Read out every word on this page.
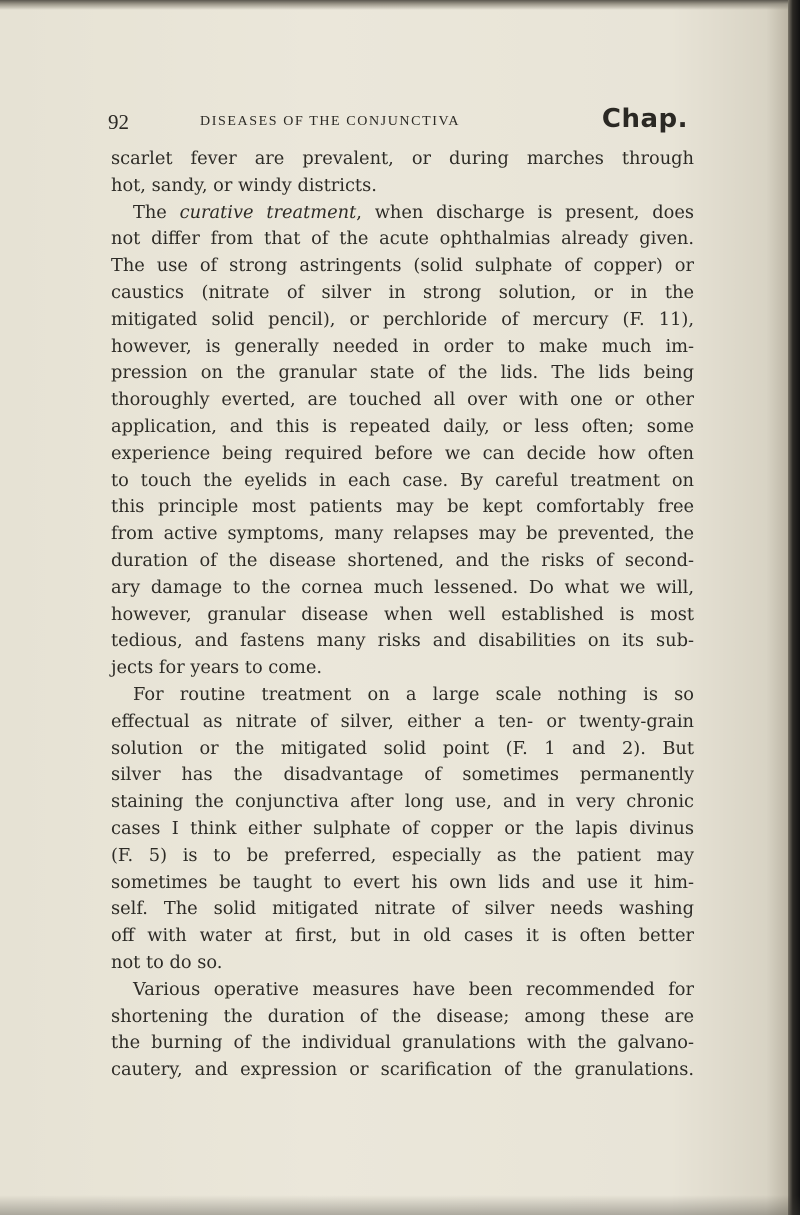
92	DISEASES OF THE CONJUNCTIVA	Chap.
scarlet fever are prevalent, or during marches through
hot, sandy, or windy districts.
The curative treatment, when discharge is present, does
not differ from that of the acute ophthalmias already given.
The use of strong astringents (solid sulphate of copper) or
caustics (nitrate of silver in strong solution, or in the
mitigated solid pencil), or perchloride of mercury (F. 11),
however, is generally needed in order to make much im-
pression on the granular state of the lids. The lids being
thoroughly everted, are touched all over with one or other
application, and this is repeated daily, or less often; some
experience being required before we can decide how often
to touch the eyelids in each case. By careful treatment on
this principle most patients may be kept comfortably free
from active symptoms, many relapses may be prevented, the
duration of the disease shortened, and the risks of second-
ary damage to the cornea much lessened. Do what we will,
however, granular disease when well established is most
tedious, and fastens many risks and disabilities on its sub-
jects for years to come.
For routine treatment on a large scale nothing is so
effectual as nitrate of silver, either a ten- or twenty-grain
solution or the mitigated solid point (F. 1 and 2). But
silver has the disadvantage of sometimes permanently
staining the conjunctiva after long use, and in very chronic
cases I think either sulphate of copper or the lapis divinus
(F. 5) is to be preferred, especially as the patient may
sometimes be taught to evert his own lids and use it him-
self. The solid mitigated nitrate of silver needs washing
off with water at first, but in old cases it is often better
not to do so.
Various operative measures have been recommended for
shortening the duration of the disease; among these are
the burning of the individual granulations with the galvano-
cautery, and expression or scarification of the granulations.
